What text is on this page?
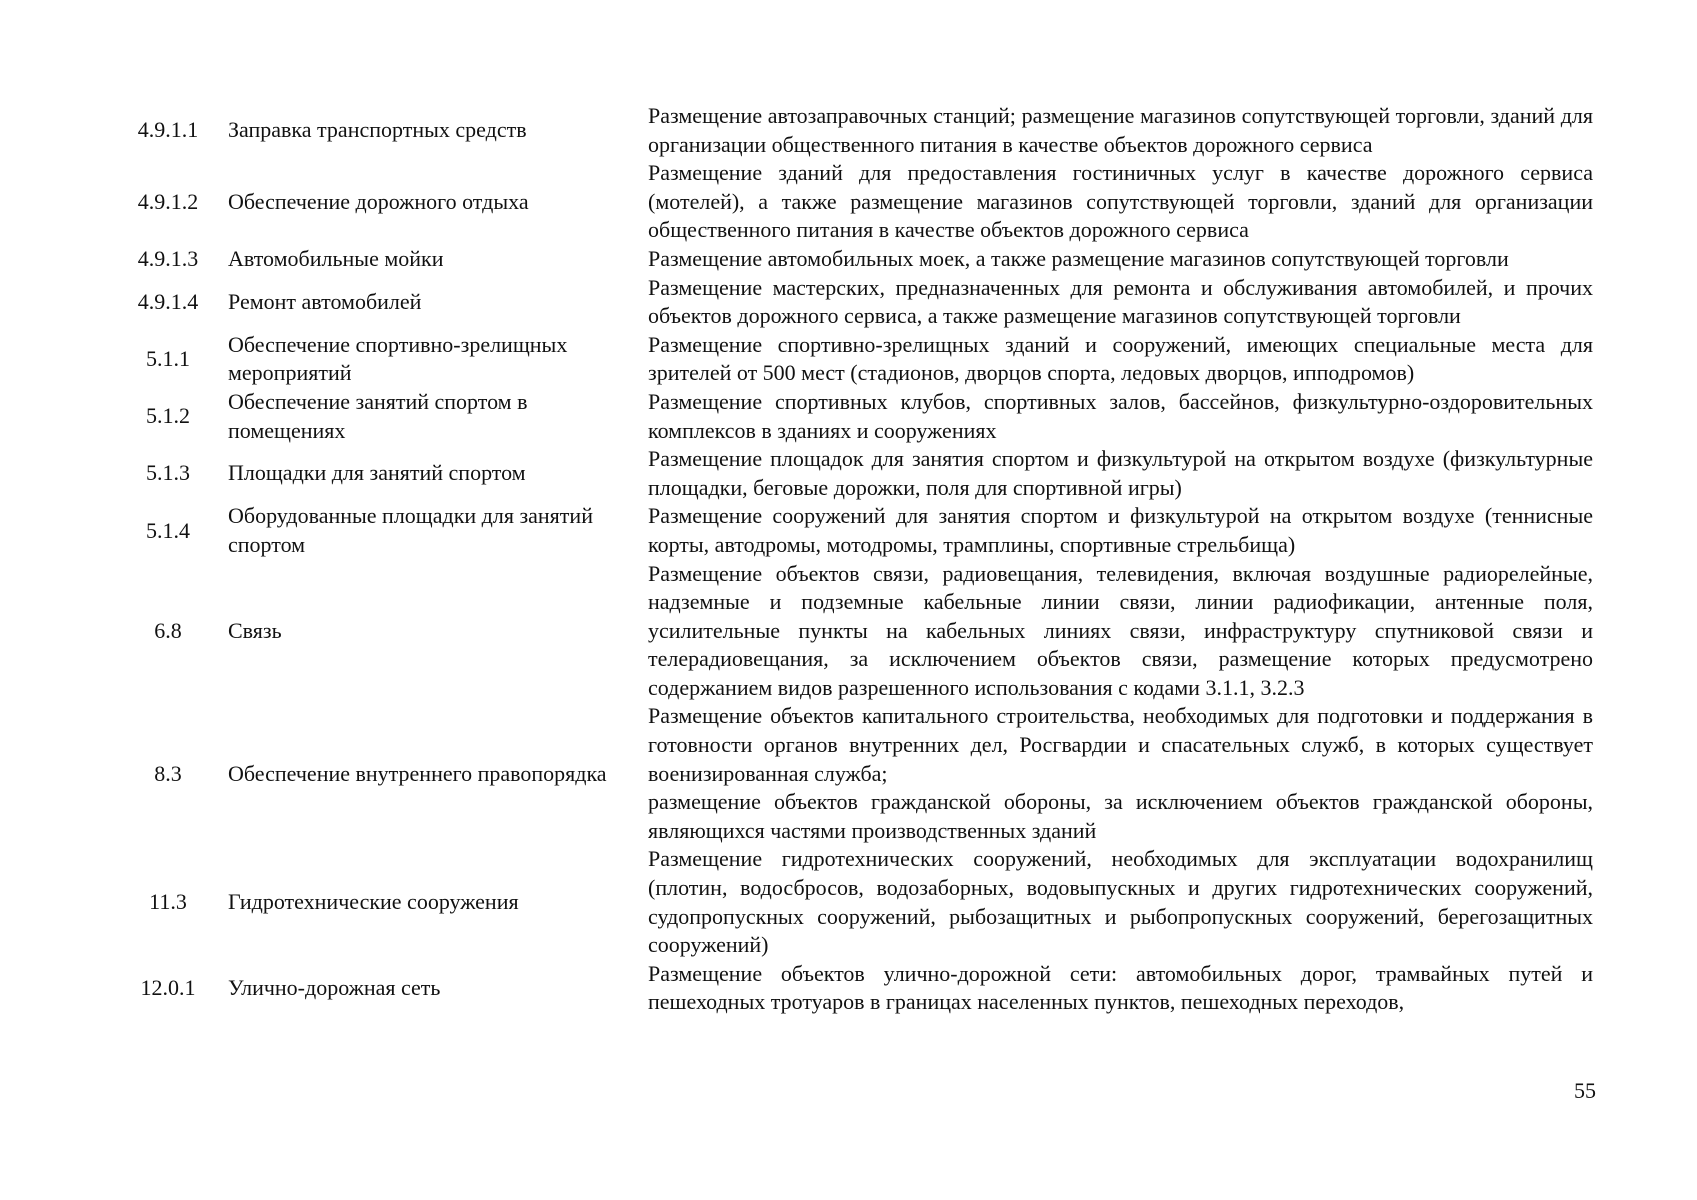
4.9.1.1	Заправка транспортных средств	Размещение автозаправочных станций; размещение магазинов сопутствующей торговли, зданий для организации общественного питания в качестве объектов дорожного сервиса

4.9.1.2	Обеспечение дорожного отдыха	Размещение зданий для предоставления гостиничных услуг в качестве дорожного сервиса (мотелей), а также размещение магазинов сопутствующей торговли, зданий для организации общественного питания в качестве объектов дорожного сервиса

4.9.1.3	Автомобильные мойки	Размещение автомобильных моек, а также размещение магазинов сопутствующей торговли

4.9.1.4	Ремонт автомобилей	Размещение мастерских, предназначенных для ремонта и обслуживания автомобилей, и прочих объектов дорожного сервиса, а также размещение магазинов сопутствующей торговли

5.1.1	Обеспечение спортивно-зрелищных мероприятий	Размещение спортивно-зрелищных зданий и сооружений, имеющих специальные места для зрителей от 500 мест (стадионов, дворцов спорта, ледовых дворцов, ипподромов)

5.1.2	Обеспечение занятий спортом в помещениях	Размещение спортивных клубов, спортивных залов, бассейнов, физкультурно-оздоровительных комплексов в зданиях и сооружениях

5.1.3	Площадки для занятий спортом	Размещение площадок для занятия спортом и физкультурой на открытом воздухе (физкультурные площадки, беговые дорожки, поля для спортивной игры)

5.1.4	Оборудованные площадки для занятий спортом	Размещение сооружений для занятия спортом и физкультурой на открытом воздухе (теннисные корты, автодромы, мотодромы, трамплины, спортивные стрельбища)

6.8	Связь	Размещение объектов связи, радиовещания, телевидения, включая воздушные радиорелейные, надземные и подземные кабельные линии связи, линии радиофикации, антенные поля, усилительные пункты на кабельных линиях связи, инфраструктуру спутниковой связи и телерадиовещания, за исключением объектов связи, размещение которых предусмотрено содержанием видов разрешенного использования с кодами 3.1.1, 3.2.3

8.3	Обеспечение внутреннего правопорядка	Размещение объектов капитального строительства, необходимых для подготовки и поддержания в готовности органов внутренних дел, Росгвардии и спасательных служб, в которых существует военизированная служба;

размещение объектов гражданской обороны, за исключением объектов гражданской обороны, являющихся частями производственных зданий

11.3	Гидротехнические сооружения	Размещение гидротехнических сооружений, необходимых для эксплуатации водохранилищ (плотин, водосбросов, водозаборных, водовыпускных и других гидротехнических сооружений, судопропускных сооружений, рыбозащитных и рыбопропускных сооружений, берегозащитных сооружений)

12.0.1	Улично-дорожная сеть	Размещение объектов улично-дорожной сети: автомобильных дорог, трамвайных путей и пешеходных тротуаров в границах населенных пунктов, пешеходных переходов,

55
